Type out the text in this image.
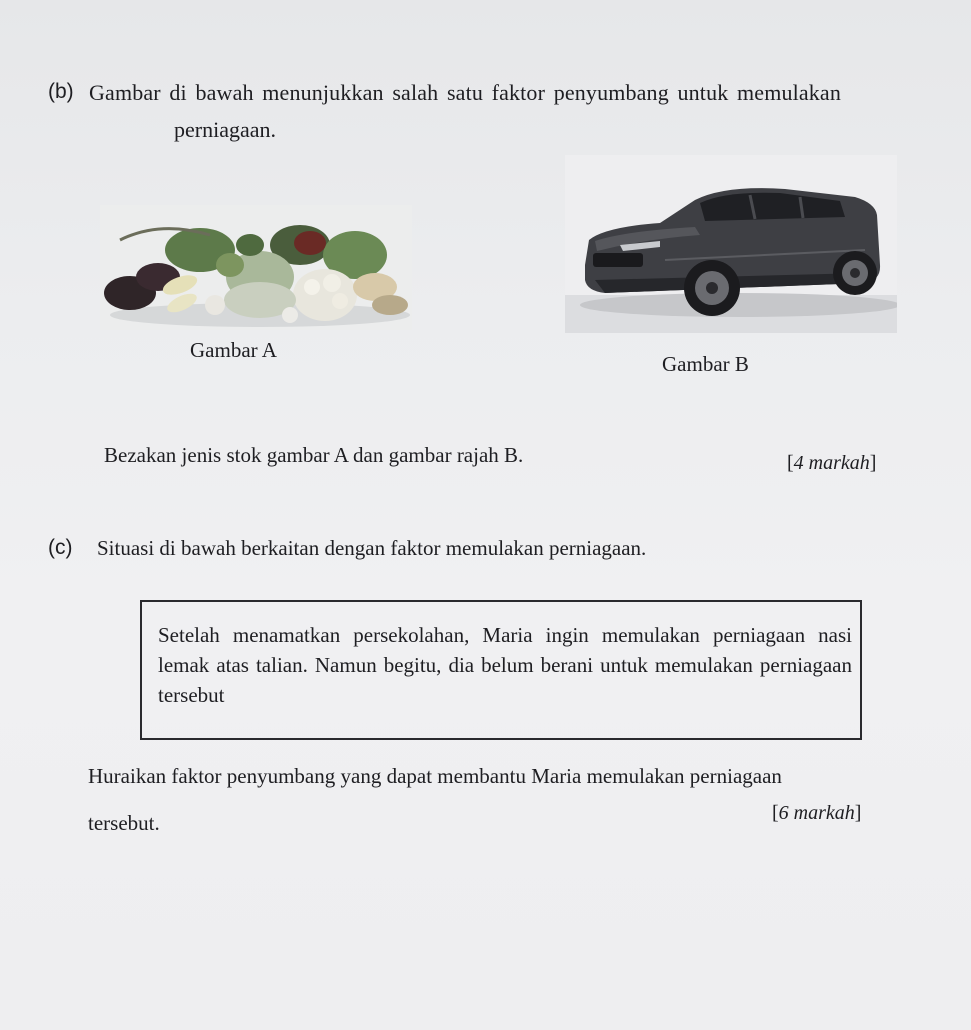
(b) Gambar di bawah menunjukkan salah satu faktor penyumbang untuk memulakan
perniagaan.
Gambar A
Gambar B
Bezakan jenis stok gambar A dan gambar rajah B.	[4 markah]
(c) Situasi di bawah berkaitan dengan faktor memulakan perniagaan.
Setelah menamatkan persekolahan, Maria ingin memulakan perniagaan nasi lemak atas talian. Namun begitu, dia belum berani untuk memulakan perniagaan tersebut
Huraikan faktor penyumbang yang dapat membantu Maria memulakan perniagaan
tersebut.	[6 markah]
